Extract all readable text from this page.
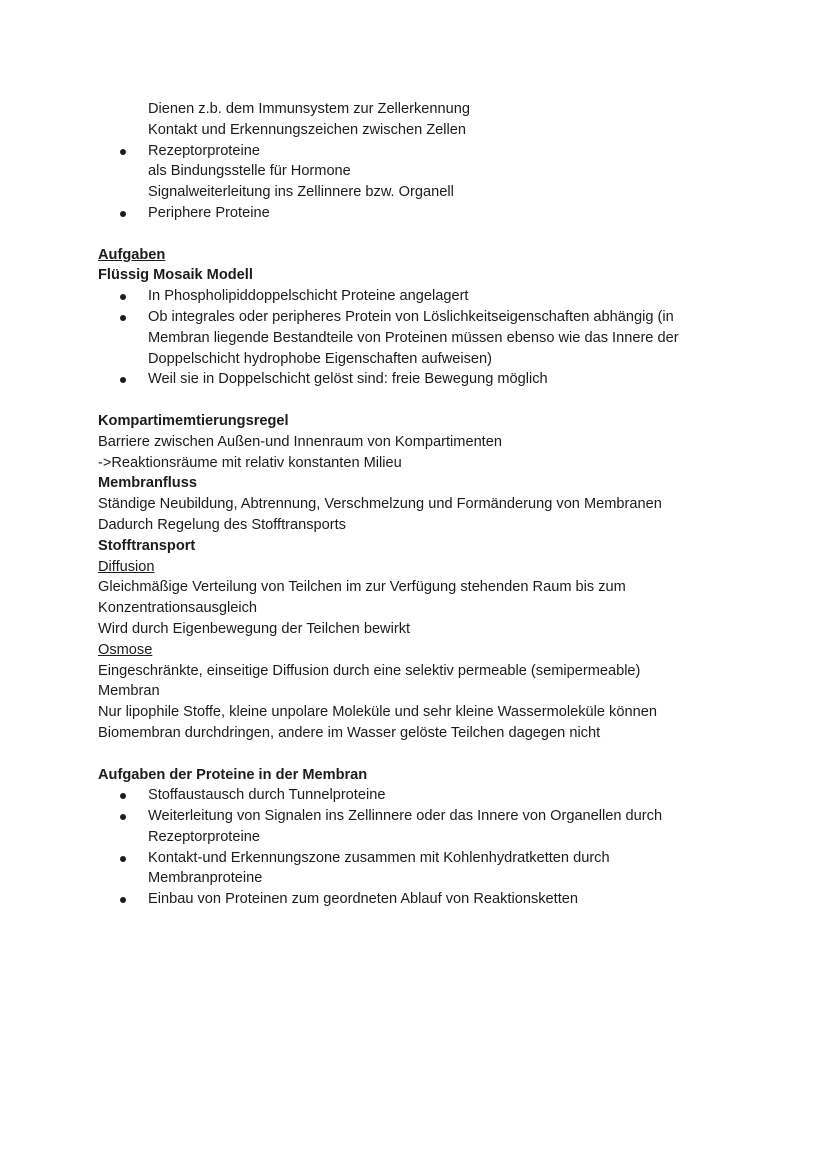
Dienen z.b. dem Immunsystem zur Zellerkennung
Kontakt und Erkennungszeichen zwischen Zellen
Rezeptorproteine
als Bindungsstelle für Hormone
Signalweiterleitung ins Zellinnere bzw. Organell
Periphere Proteine
Aufgaben
Flüssig Mosaik Modell
In Phospholipiddoppelschicht Proteine angelagert
Ob integrales oder peripheres Protein von Löslichkeitseigenschaften abhängig (in
Membran liegende Bestandteile von Proteinen müssen ebenso wie das Innere der
Doppelschicht hydrophobe Eigenschaften aufweisen)
Weil sie in Doppelschicht gelöst sind: freie Bewegung möglich
Kompartimemtierungsregel
Barriere zwischen Außen-und Innenraum von Kompartimenten
->Reaktionsräume mit relativ konstanten Milieu
Membranfluss
Ständige Neubildung, Abtrennung, Verschmelzung und Formänderung von Membranen
Dadurch Regelung des Stofftransports
Stofftransport
Diffusion
Gleichmäßige Verteilung von Teilchen im zur Verfügung stehenden Raum bis zum
Konzentrationsausgleich
Wird durch Eigenbewegung der Teilchen bewirkt
Osmose
Eingeschränkte, einseitige Diffusion durch eine selektiv permeable (semipermeable)
Membran
Nur lipophile Stoffe, kleine unpolare Moleküle und sehr kleine Wassermoleküle können
Biomembran durchdringen, andere im Wasser gelöste Teilchen dagegen nicht
Aufgaben der Proteine in der Membran
Stoffaustausch durch Tunnelproteine
Weiterleitung von Signalen ins Zellinnere oder das Innere von Organellen durch
Rezeptorproteine
Kontakt-und Erkennungszone zusammen mit Kohlenhydratketten durch
Membranproteine
Einbau von Proteinen zum geordneten Ablauf von Reaktionsketten
